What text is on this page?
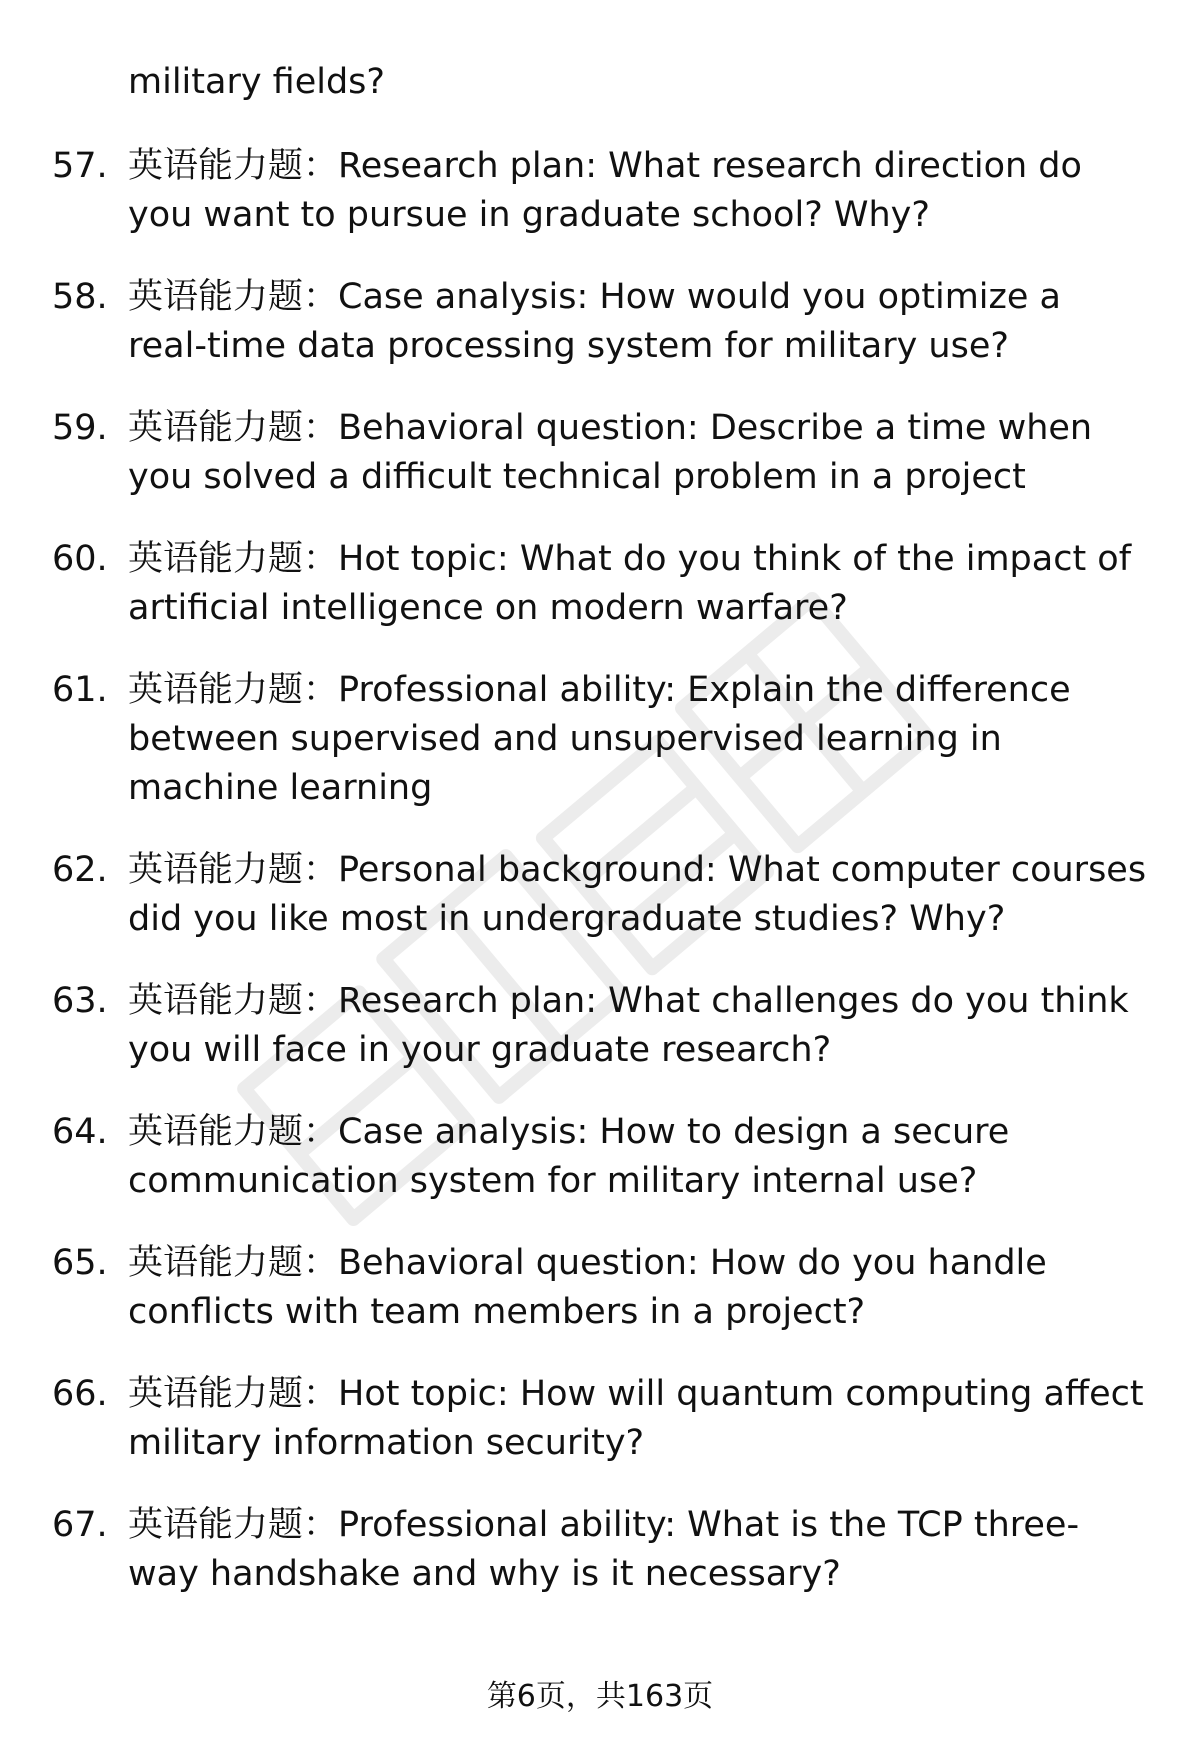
military fields?

57. 英语能力题：Research plan: What research direction do you want to pursue in graduate school? Why?
58. 英语能力题：Case analysis: How would you optimize a real-time data processing system for military use?
59. 英语能力题：Behavioral question: Describe a time when you solved a difficult technical problem in a project
60. 英语能力题：Hot topic: What do you think of the impact of artificial intelligence on modern warfare?
61. 英语能力题：Professional ability: Explain the difference between supervised and unsupervised learning in machine learning
62. 英语能力题：Personal background: What computer courses did you like most in undergraduate studies? Why?
63. 英语能力题：Research plan: What challenges do you think you will face in your graduate research?
64. 英语能力题：Case analysis: How to design a secure communication system for military internal use?
65. 英语能力题：Behavioral question: How do you handle conflicts with team members in a project?
66. 英语能力题：Hot topic: How will quantum computing affect military information security?
67. 英语能力题：Professional ability: What is the TCP three-way handshake and why is it necessary?
第6页，共163页
